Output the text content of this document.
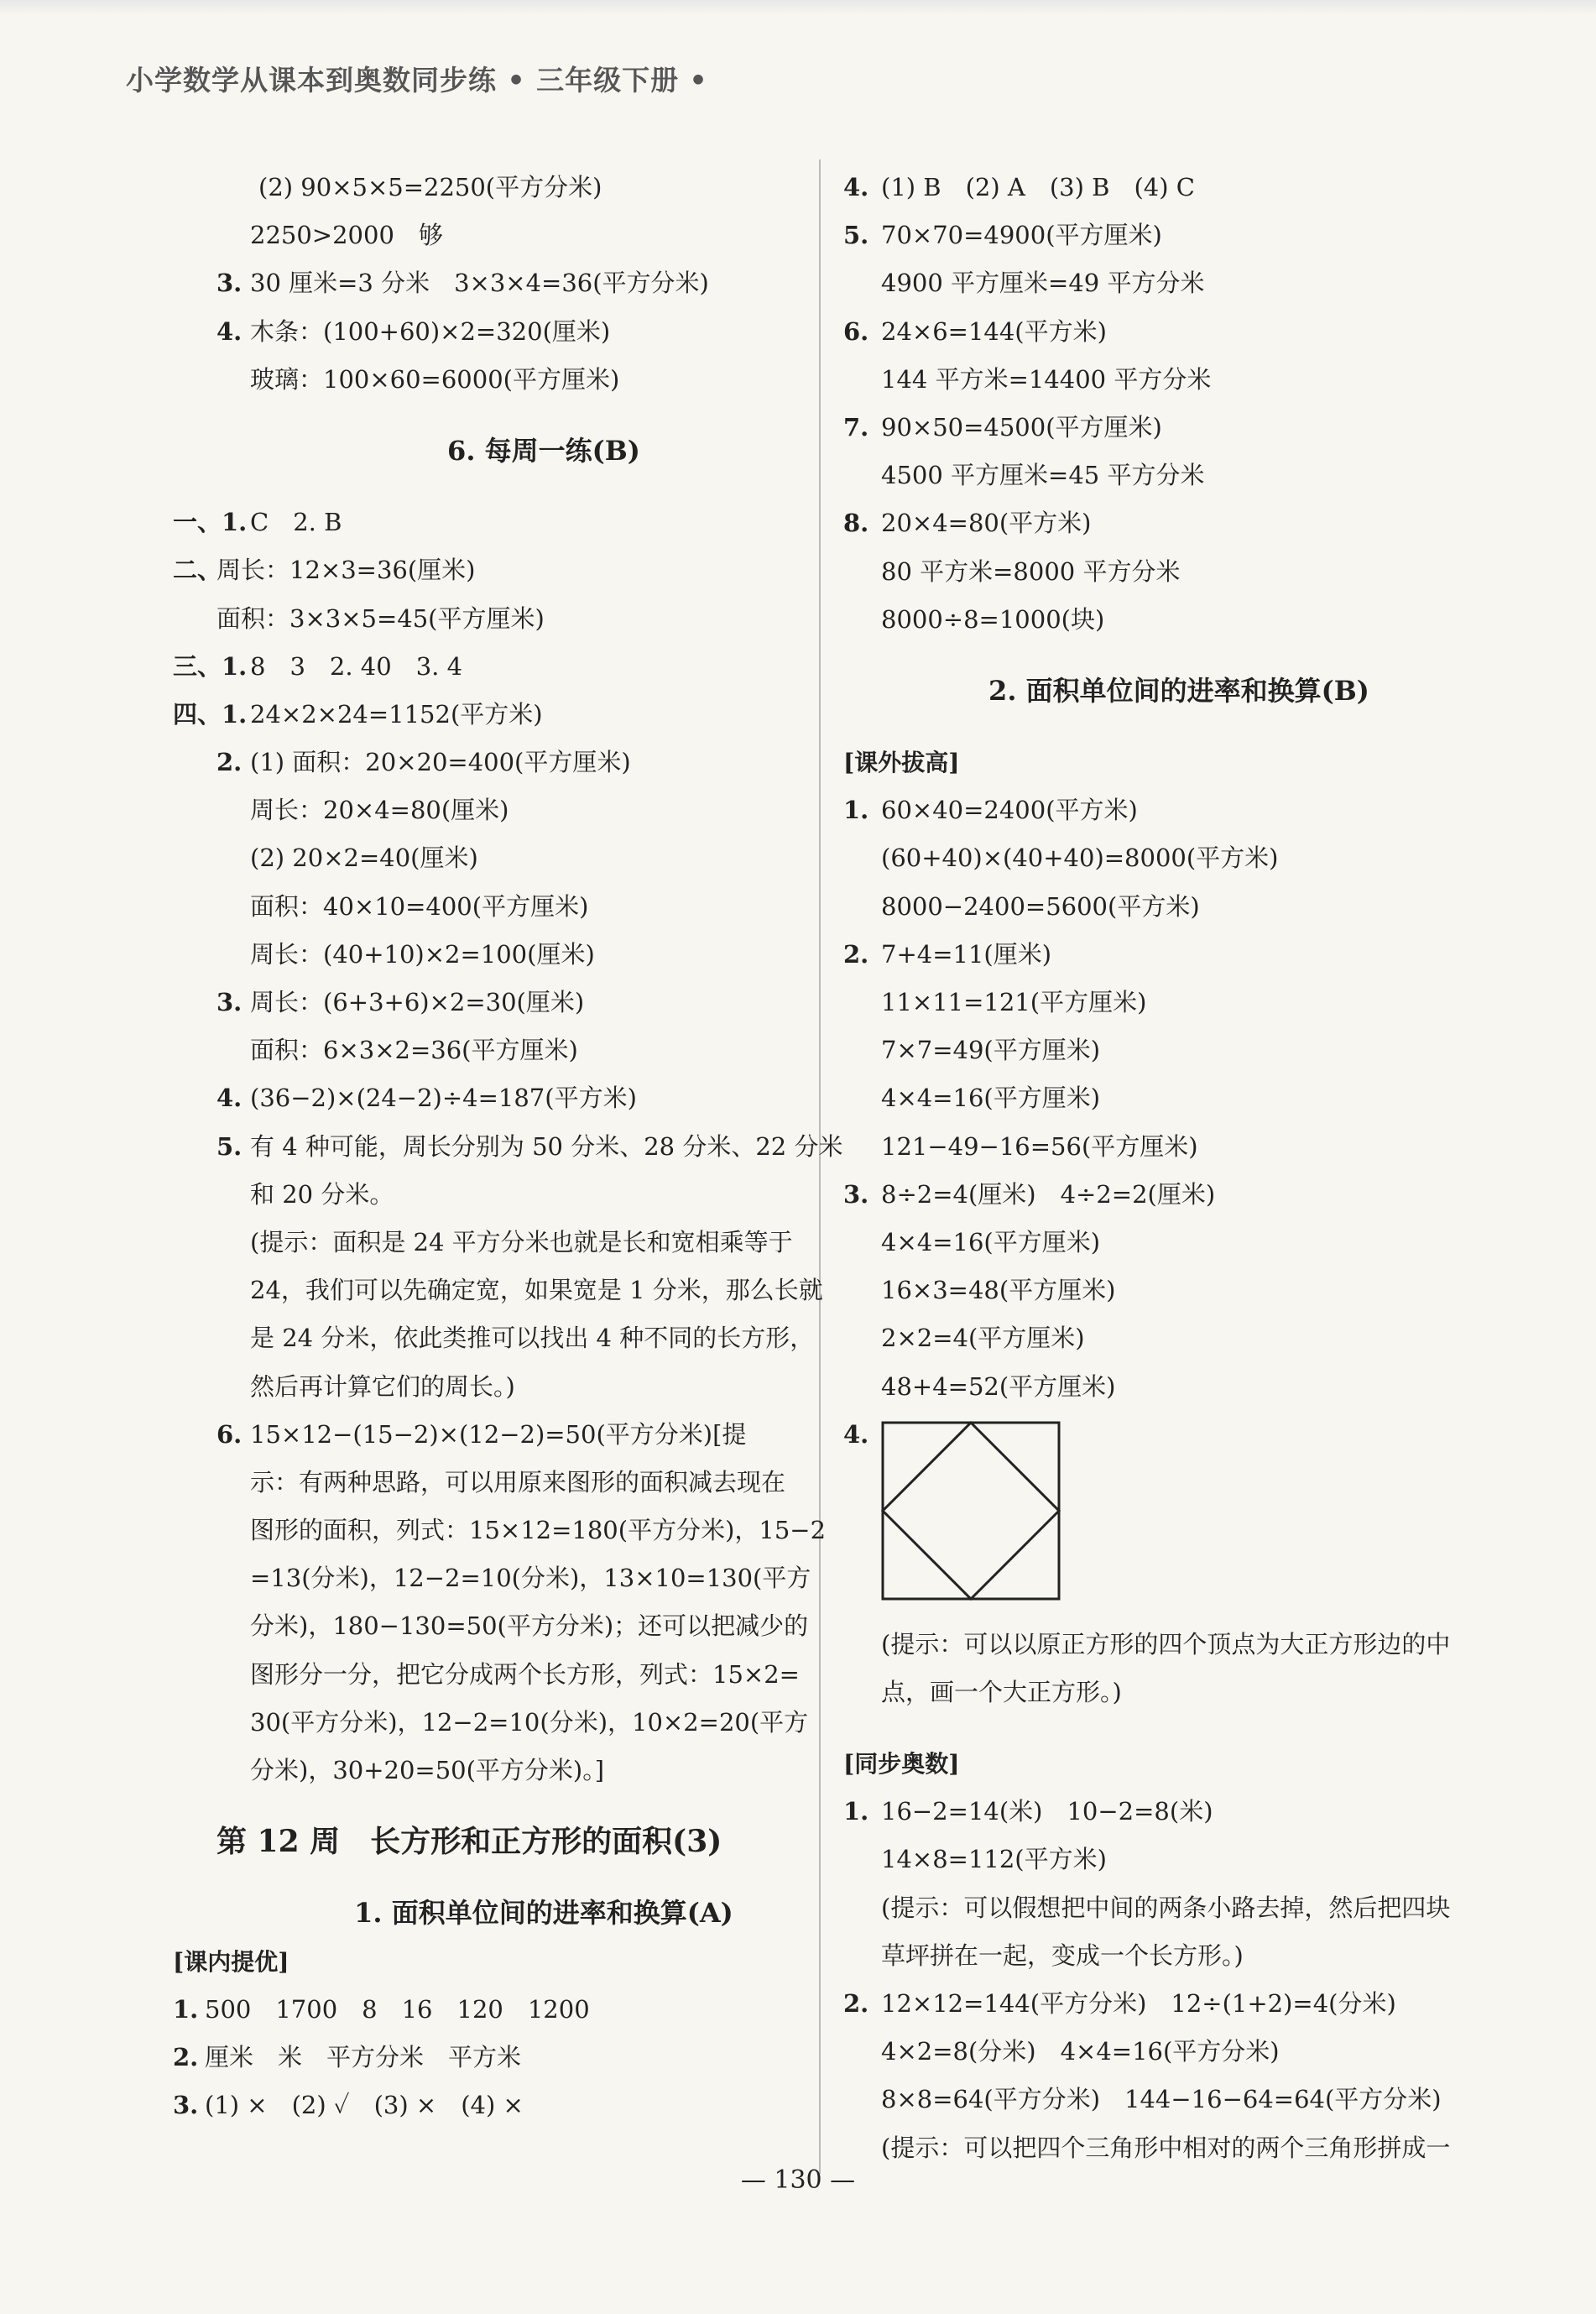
小学数学从课本到奥数同步练 • 三年级下册 •
(2) 90×5×5=2250(平方分米)
2250>2000　够
3. 30 厘米=3 分米　3×3×4=36(平方分米)
4. 木条：(100+60)×2=320(厘米)
玻璃：100×60=6000(平方厘米)
6. 每周一练(B)
一、1. C　2. B
二、
周长：12×3=36(厘米)
面积：3×3×5=45(平方厘米)
三、1. 8　3　2. 40　3. 4
四、1. 24×2×24=1152(平方米)
2. (1) 面积：20×20=400(平方厘米)
周长：20×4=80(厘米)
(2) 20×2=40(厘米)
面积：40×10=400(平方厘米)
周长：(40+10)×2=100(厘米)
3. 周长：(6+3+6)×2=30(厘米)
面积：6×3×2=36(平方厘米)
4. (36−2)×(24−2)÷4=187(平方米)
5. 有 4 种可能，周长分别为 50 分米、28 分米、22 分米
和 20 分米。
(提示：面积是 24 平方分米也就是长和宽相乘等于
24，我们可以先确定宽，如果宽是 1 分米，那么长就
是 24 分米，依此类推可以找出 4 种不同的长方形，
然后再计算它们的周长。)
6. 15×12−(15−2)×(12−2)=50(平方分米)[提
示：有两种思路，可以用原来图形的面积减去现在
图形的面积，列式：15×12=180(平方分米)，15−2
=13(分米)，12−2=10(分米)，13×10=130(平方
分米)，180−130=50(平方分米)；还可以把减少的
图形分一分，把它分成两个长方形，列式：15×2=
30(平方分米)，12−2=10(分米)，10×2=20(平方
分米)，30+20=50(平方分米)。]
第 12 周　长方形和正方形的面积(3)
1. 面积单位间的进率和换算(A)
[课内提优]
1. 500　1700　8　16　120　1200
2. 厘米　米　平方分米　平方米
3. (1) ×　(2) ✓　(3) ×　(4) ×
4. (1) B　(2) A　(3) B　(4) C
5. 70×70=4900(平方厘米)
4900 平方厘米=49 平方分米
6. 24×6=144(平方米)
144 平方米=14400 平方分米
7. 90×50=4500(平方厘米)
4500 平方厘米=45 平方分米
8. 20×4=80(平方米)
80 平方米=8000 平方分米
8000÷8=1000(块)
2. 面积单位间的进率和换算(B)
[课外拔高]
1. 60×40=2400(平方米)
(60+40)×(40+40)=8000(平方米)
8000−2400=5600(平方米)
2. 7+4=11(厘米)
11×11=121(平方厘米)
7×7=49(平方厘米)
4×4=16(平方厘米)
121−49−16=56(平方厘米)
3. 8÷2=4(厘米)　4÷2=2(厘米)
4×4=16(平方厘米)
16×3=48(平方厘米)
2×2=4(平方厘米)
48+4=52(平方厘米)
4.
(提示：可以以原正方形的四个顶点为大正方形边的中
点，画一个大正方形。)
[同步奥数]
1. 16−2=14(米)　10−2=8(米)
14×8=112(平方米)
(提示：可以假想把中间的两条小路去掉，然后把四块
草坪拼在一起，变成一个长方形。)
2. 12×12=144(平方分米)　12÷(1+2)=4(分米)
4×2=8(分米)　4×4=16(平方分米)
8×8=64(平方分米)　144−16−64=64(平方分米)
(提示：可以把四个三角形中相对的两个三角形拼成一
— 130 —
